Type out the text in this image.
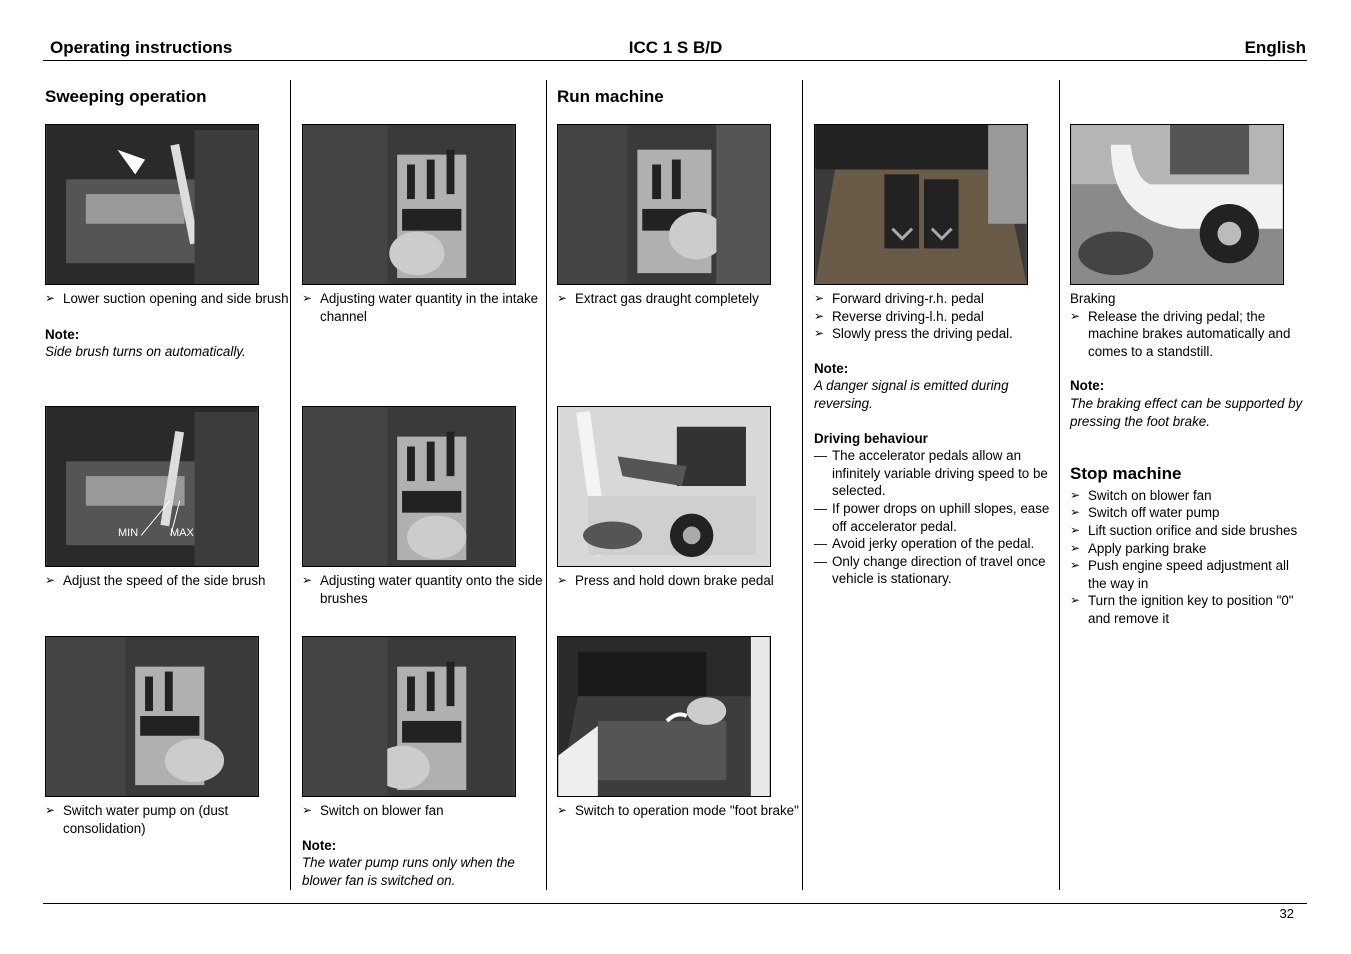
Operating instructions	ICC 1 S B/D	English
Sweeping operation
➢ Lower suction opening and side brush

Note:

Side brush turns on automatically.

MIN	MAX
➢ Adjust the speed of the side brush
➢ Switch water pump on (dust consolidation)
➢ Adjusting water quantity in the intake channel
➢ Adjusting water quantity onto the side brushes
➢ Switch on blower fan

Note:

The water pump runs only when the blower fan is switched on.

Run machine
➢ Extract gas draught completely
➢ Press and hold down brake pedal
➢ Switch to operation mode "foot brake"
➢ Forward driving-r.h. pedal
➢ Reverse driving-l.h. pedal
➢ Slowly press the driving pedal.

Note:

A danger signal is emitted during reversing.

Driving behaviour

— The accelerator pedals allow an infinitely variable driving speed to be selected.
— If power drops on uphill slopes, ease off accelerator pedal.
— Avoid jerky operation of the pedal.
— Only change direction of travel once vehicle is stationary.

Braking

➢ Release the driving pedal; the machine brakes automatically and comes to a standstill.

Note:

The braking effect can be supported by pressing the foot brake.

Stop machine
➢ Switch on blower fan
➢ Switch off water pump
➢ Lift suction orifice and side brushes
➢ Apply parking brake
➢ Push engine speed adjustment all the way in
➢ Turn the ignition key to position "0" and remove it
32
